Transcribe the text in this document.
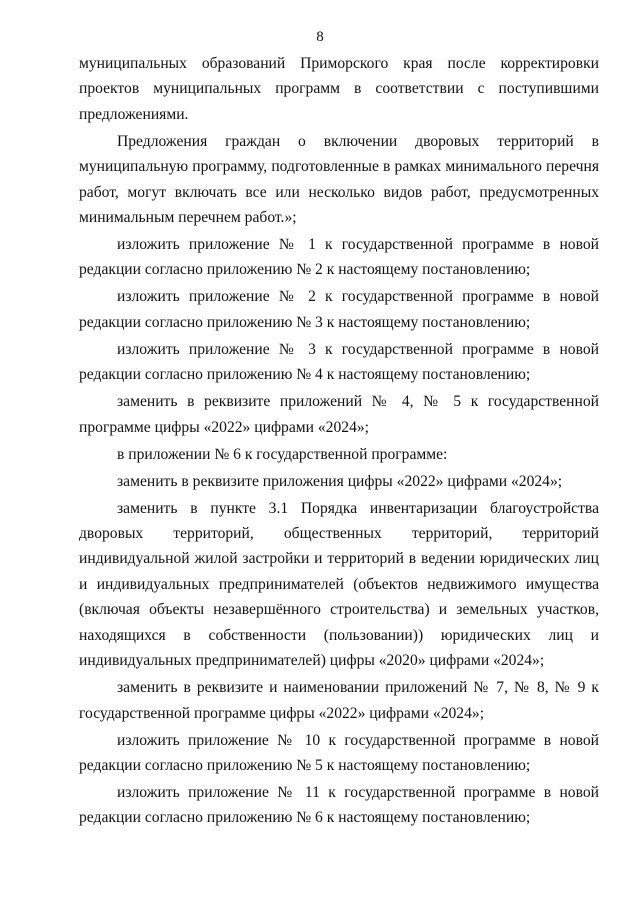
8

муниципальных образований Приморского края после корректировки проектов муниципальных программ в соответствии с поступившими предложениями.

Предложения граждан о включении дворовых территорий в муниципальную программу, подготовленные в рамках минимального перечня работ, могут включать все или несколько видов работ, предусмотренных минимальным перечнем работ.»;

изложить приложение № 1 к государственной программе в новой редакции согласно приложению № 2 к настоящему постановлению;

изложить приложение № 2 к государственной программе в новой редакции согласно приложению № 3 к настоящему постановлению;

изложить приложение № 3 к государственной программе в новой редакции согласно приложению № 4 к настоящему постановлению;

заменить в реквизите приложений № 4, № 5 к государственной программе цифры «2022» цифрами «2024»;

в приложении № 6 к государственной программе:

заменить в реквизите приложения цифры «2022» цифрами «2024»;

заменить в пункте 3.1 Порядка инвентаризации благоустройства дворовых территорий, общественных территорий, территорий индивидуальной жилой застройки и территорий в ведении юридических лиц и индивидуальных предпринимателей (объектов недвижимого имущества (включая объекты незавершённого строительства) и земельных участков, находящихся в собственности (пользовании)) юридических лиц и индивидуальных предпринимателей) цифры «2020» цифрами «2024»;

заменить в реквизите и наименовании приложений № 7, № 8, № 9 к государственной программе цифры «2022» цифрами «2024»;

изложить приложение № 10 к государственной программе в новой редакции согласно приложению № 5 к настоящему постановлению;

изложить приложение № 11 к государственной программе в новой редакции согласно приложению № 6 к настоящему постановлению;
